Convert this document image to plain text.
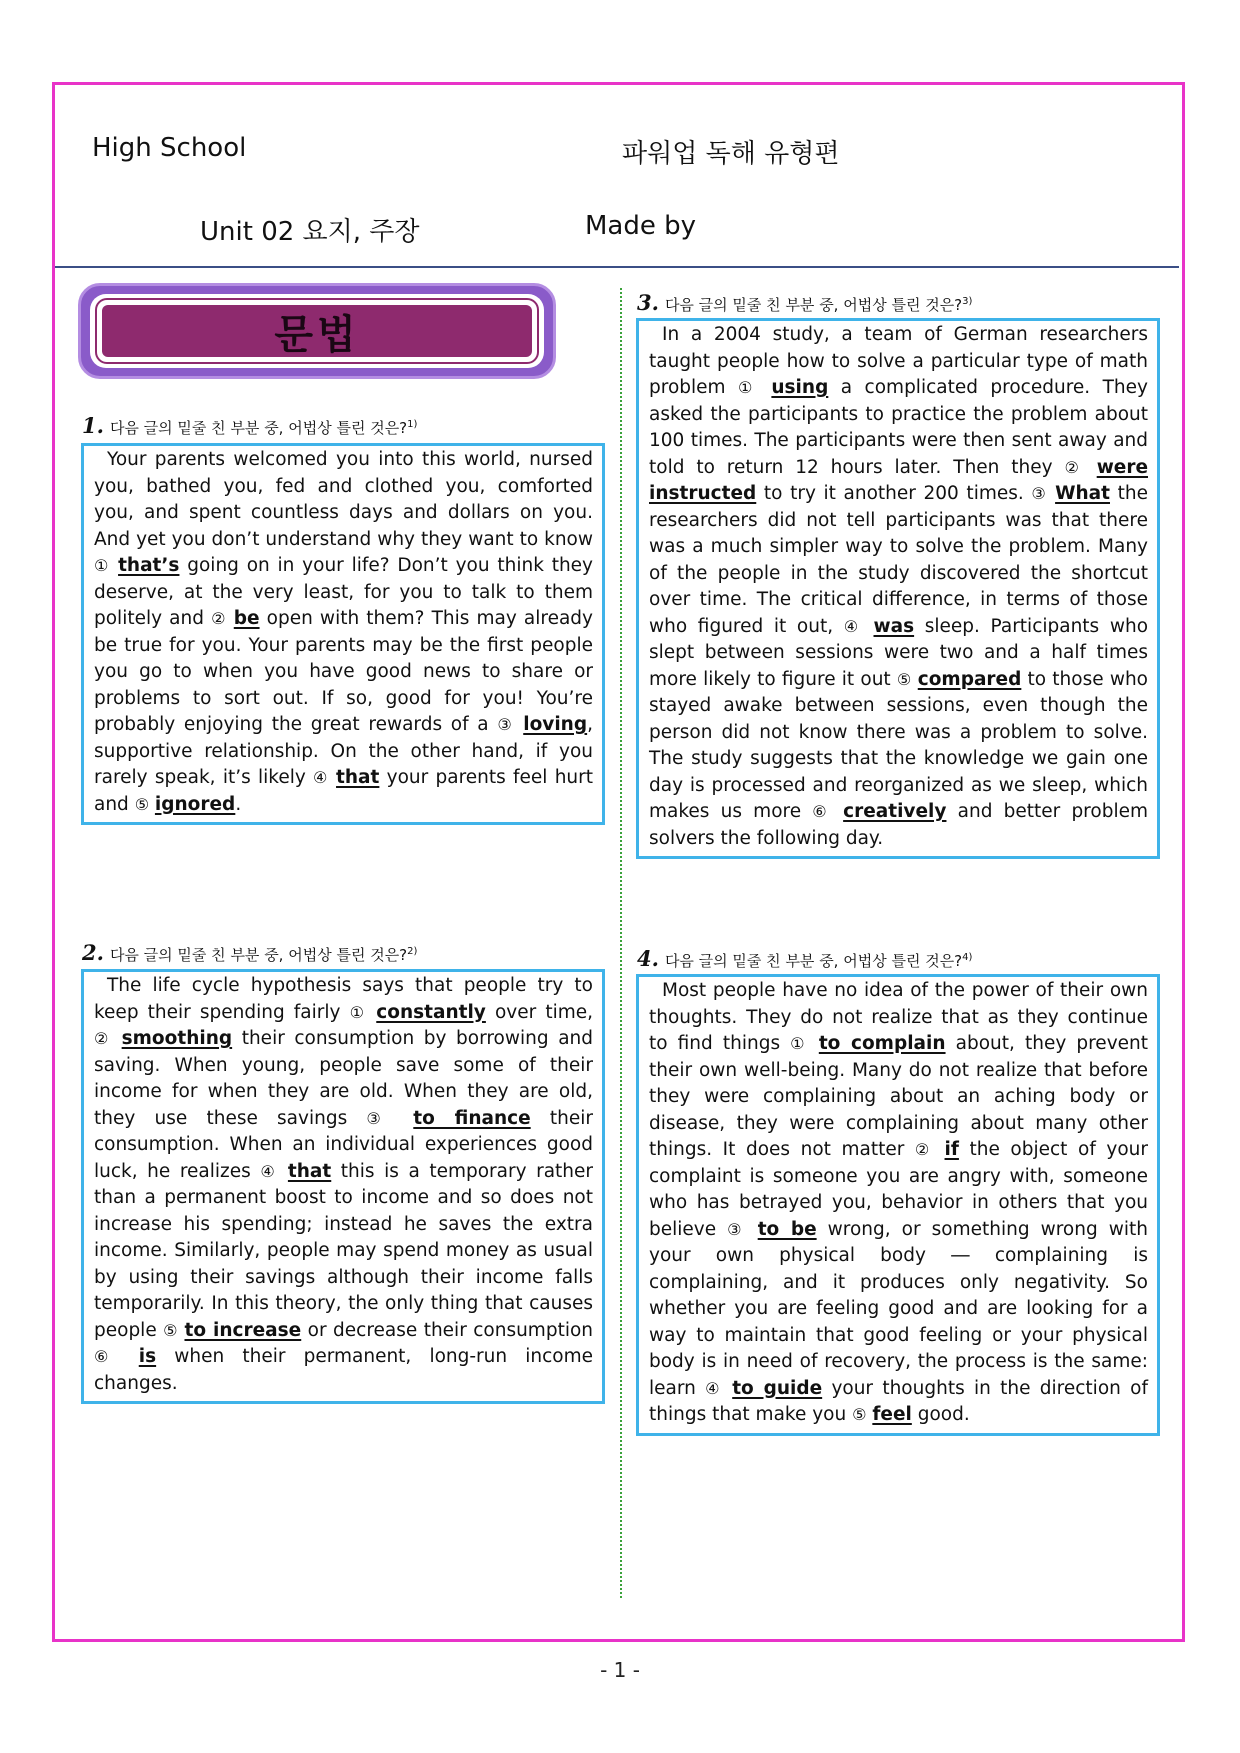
High School	파워업 독해 유형편
Unit 02 요지, 주장	Made by
문법
1. 다음 글의 밑줄 친 부분 중, 어법상 틀린 것은?$^{1)}$
Your parents welcomed you into this world, nursed you, bathed you, fed and clothed you, comforted you, and spent countless days and dollars on you. And yet you don’t understand why they want to know ① that’s going on in your life? Don’t you think they deserve, at the very least, for you to talk to them politely and ② be open with them? This may already be true for you. Your parents may be the first people you go to when you have good news to share or problems to sort out. If so, good for you! You’re probably enjoying the great rewards of a ③ loving, supportive relationship. On the other hand, if you rarely speak, it’s likely ④ that your parents feel hurt and ⑤ ignored.
2. 다음 글의 밑줄 친 부분 중, 어법상 틀린 것은?$^{2)}$
The life cycle hypothesis says that people try to keep their spending fairly ① constantly over time, ② smoothing their consumption by borrowing and saving. When young, people save some of their income for when they are old. When they are old, they use these savings ③ to finance their consumption. When an individual experiences good luck, he realizes ④ that this is a temporary rather than a permanent boost to income and so does not increase his spending; instead he saves the extra income. Similarly, people may spend money as usual by using their savings although their income falls temporarily. In this theory, the only thing that causes people ⑤ to increase or decrease their consumption ⑥ is when their permanent, long-run income changes.
3. 다음 글의 밑줄 친 부분 중, 어법상 틀린 것은?$^{3)}$
In a 2004 study, a team of German researchers taught people how to solve a particular type of math problem ① using a complicated procedure. They asked the participants to practice the problem about 100 times. The participants were then sent away and told to return 12 hours later. Then they ② were instructed to try it another 200 times. ③ What the researchers did not tell participants was that there was a much simpler way to solve the problem. Many of the people in the study discovered the shortcut over time. The critical difference, in terms of those who figured it out, ④ was sleep. Participants who slept between sessions were two and a half times more likely to figure it out ⑤ compared to those who stayed awake between sessions, even though the person did not know there was a problem to solve. The study suggests that the knowledge we gain one day is processed and reorganized as we sleep, which makes us more ⑥ creatively and better problem solvers the following day.
4. 다음 글의 밑줄 친 부분 중, 어법상 틀린 것은?$^{4)}$
Most people have no idea of the power of their own thoughts. They do not realize that as they continue to find things ① to complain about, they prevent their own well-being. Many do not realize that before they were complaining about an aching body or disease, they were complaining about many other things. It does not matter ② if the object of your complaint is someone you are angry with, someone who has betrayed you, behavior in others that you believe ③ to be wrong, or something wrong with your own physical body ― complaining is complaining, and it produces only negativity. So whether you are feeling good and are looking for a way to maintain that good feeling or your physical body is in need of recovery, the process is the same: learn ④ to guide your thoughts in the direction of things that make you ⑤ feel good.
- 1 -
